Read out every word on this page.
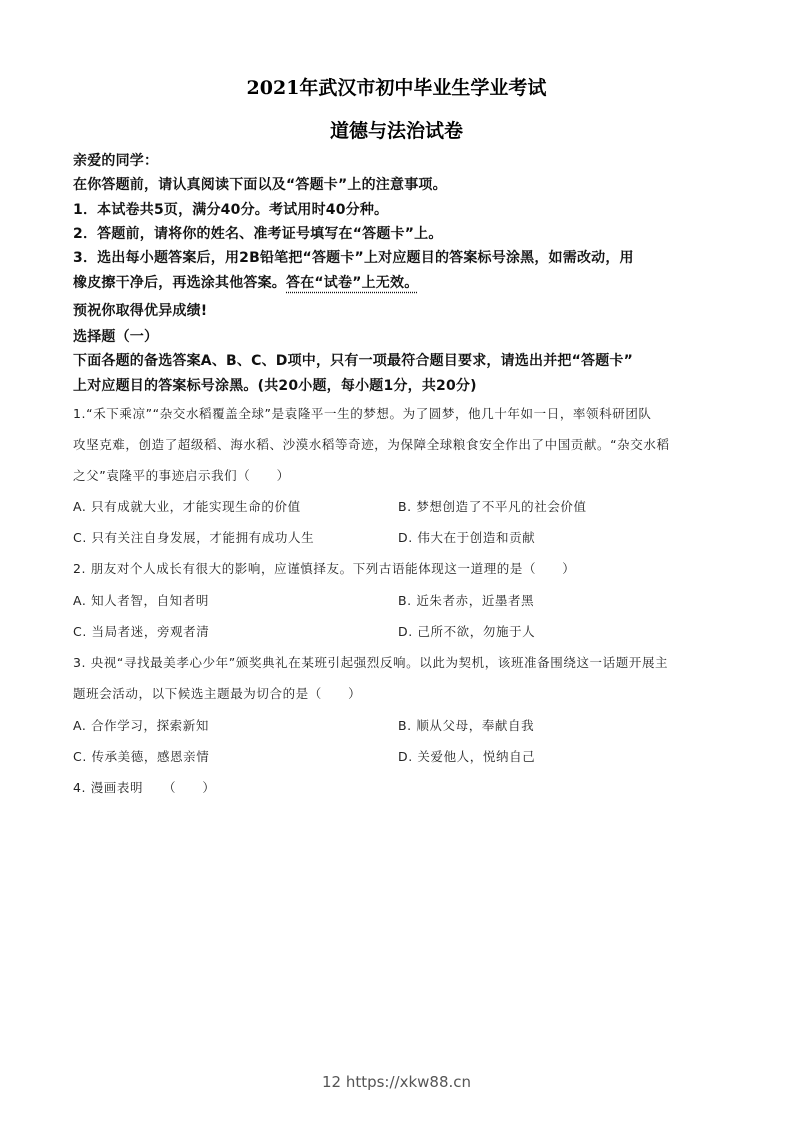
2021年武汉市初中毕业生学业考试
道德与法治试卷
亲爱的同学：
在你答题前，请认真阅读下面以及“答题卡”上的注意事项。
1．本试卷共5页，满分40分。考试用时40分种。
2．答题前，请将你的姓名、准考证号填写在“答题卡”上。
3．选出每小题答案后，用2B铅笔把“答题卡”上对应题目的答案标号涂黑，如需改动，用
橡皮擦干净后，再选涂其他答案。答在“试卷”上无效。
预祝你取得优异成绩!
选择题（一）
下面各题的备选答案A、B、C、D项中，只有一项最符合题目要求，请选出并把“答题卡”
上对应题目的答案标号涂黑。(共20小题，每小题1分，共20分)
1.“禾下乘凉”“杂交水稻覆盖全球”是袁隆平一生的梦想。为了圆梦，他几十年如一日，率领科研团队
攻坚克难，创造了超级稻、海水稻、沙漠水稻等奇迹，为保障全球粮食安全作出了中国贡献。“杂交水稻
之父”袁隆平的事迹启示我们（　　）
A. 只有成就大业，才能实现生命的价值	B. 梦想创造了不平凡的社会价值
C. 只有关注自身发展，才能拥有成功人生	D. 伟大在于创造和贡献
2. 朋友对个人成长有很大的影响，应谨慎择友。下列古语能体现这一道理的是（　　）
A. 知人者智，自知者明	B. 近朱者赤，近墨者黑
C. 当局者迷，旁观者清	D. 己所不欲，勿施于人
3. 央视“寻找最美孝心少年”颁奖典礼在某班引起强烈反响。以此为契机，该班准备围绕这一话题开展主
题班会活动，以下候选主题最为切合的是（　　）
A. 合作学习，探索新知	B. 顺从父母，奉献自我
C. 传承美德，感恩亲情	D. 关爱他人，悦纳自己
4. 漫画表明　　（　　）
12 https://xkw88.cn
